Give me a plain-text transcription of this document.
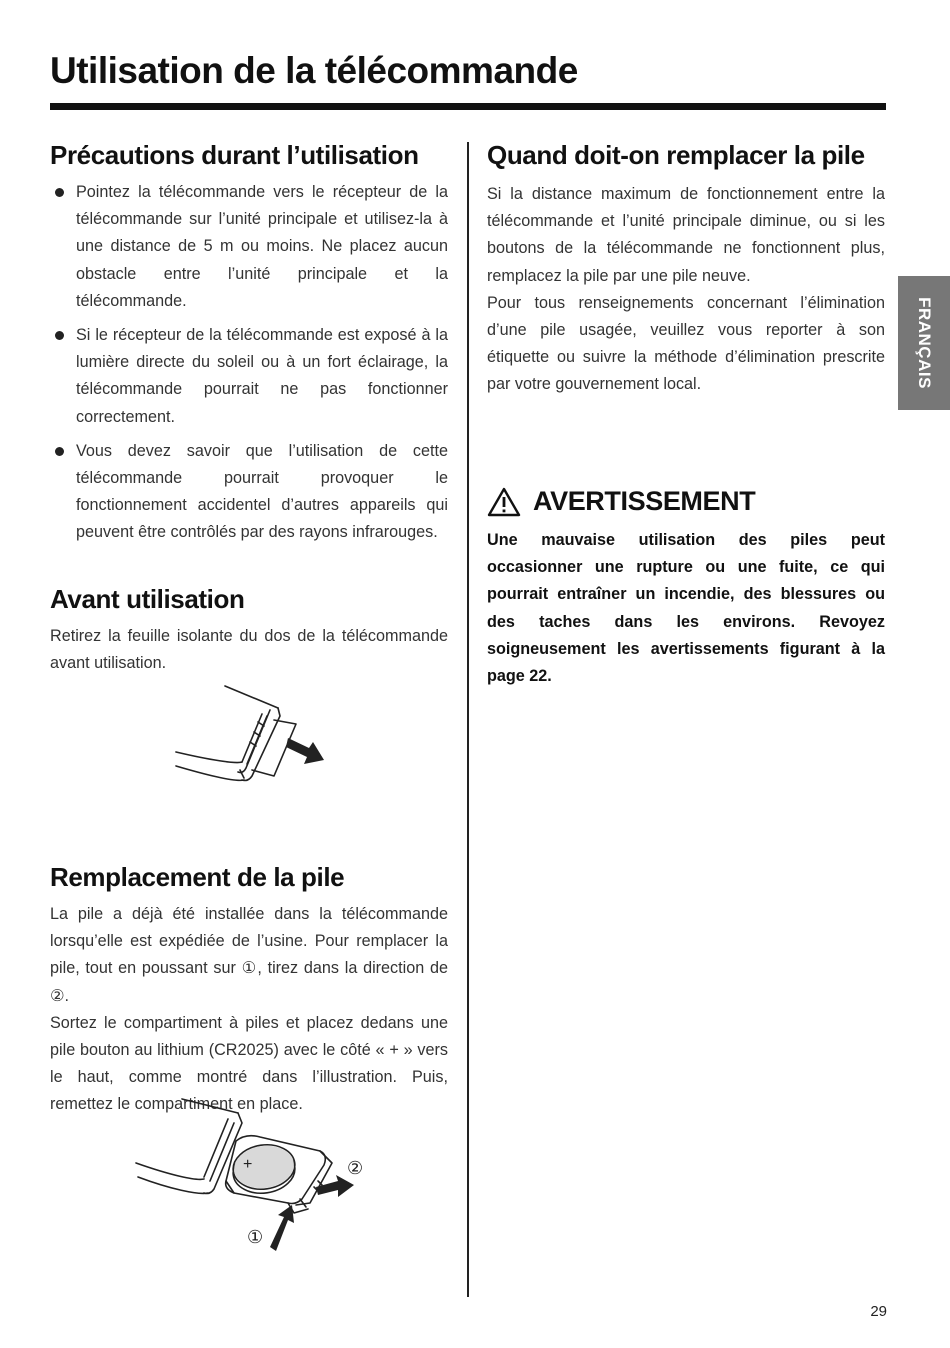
Utilisation de la télécommande
Précautions durant l’utilisation
Pointez la télécommande vers le récepteur de la télécommande sur l’unité principale et utilisez-la à une distance de 5 m ou moins. Ne placez aucun obstacle entre l’unité principale et la télécommande.
Si le récepteur de la télécommande est exposé à la lumière directe du soleil ou à un fort éclairage, la télécommande pourrait ne pas fonctionner correctement.
Vous devez savoir que l’utilisation de cette télécommande pourrait provoquer le fonctionnement accidentel d’autres appareils qui peuvent être contrôlés par des rayons infrarouges.
Avant utilisation

Retirez la feuille isolante du dos de la télécommande avant utilisation.

Remplacement de la pile

La pile a déjà été installée dans la télécommande lorsqu’elle est expédiée de l’usine. Pour remplacer la pile, tout en poussant sur ①, tirez dans la direction de ②.

Sortez le compartiment à piles et placez dedans une pile bouton au lithium (CR2025) avec le côté « + » vers le haut, comme montré dans l’illustration. Puis, remettez le compartiment en place.

+	②
①
Quand doit-on remplacer la pile

Si la distance maximum de fonctionnement entre la télécommande et l’unité principale diminue, ou si les boutons de la télécommande ne fonctionnent plus, remplacez la pile par une pile neuve.

Pour tous renseignements concernant l’élimination d’une pile usagée, veuillez vous reporter à son étiquette ou suivre la méthode d’élimination prescrite par votre gouvernement local.

AVERTISSEMENT

Une mauvaise utilisation des piles peut occasionner une rupture ou une fuite, ce qui pourrait entraîner un incendie, des blessures ou des taches dans les environs. Revoyez soigneusement les avertissements figurant à la page 22.

FRANÇAIS
29
